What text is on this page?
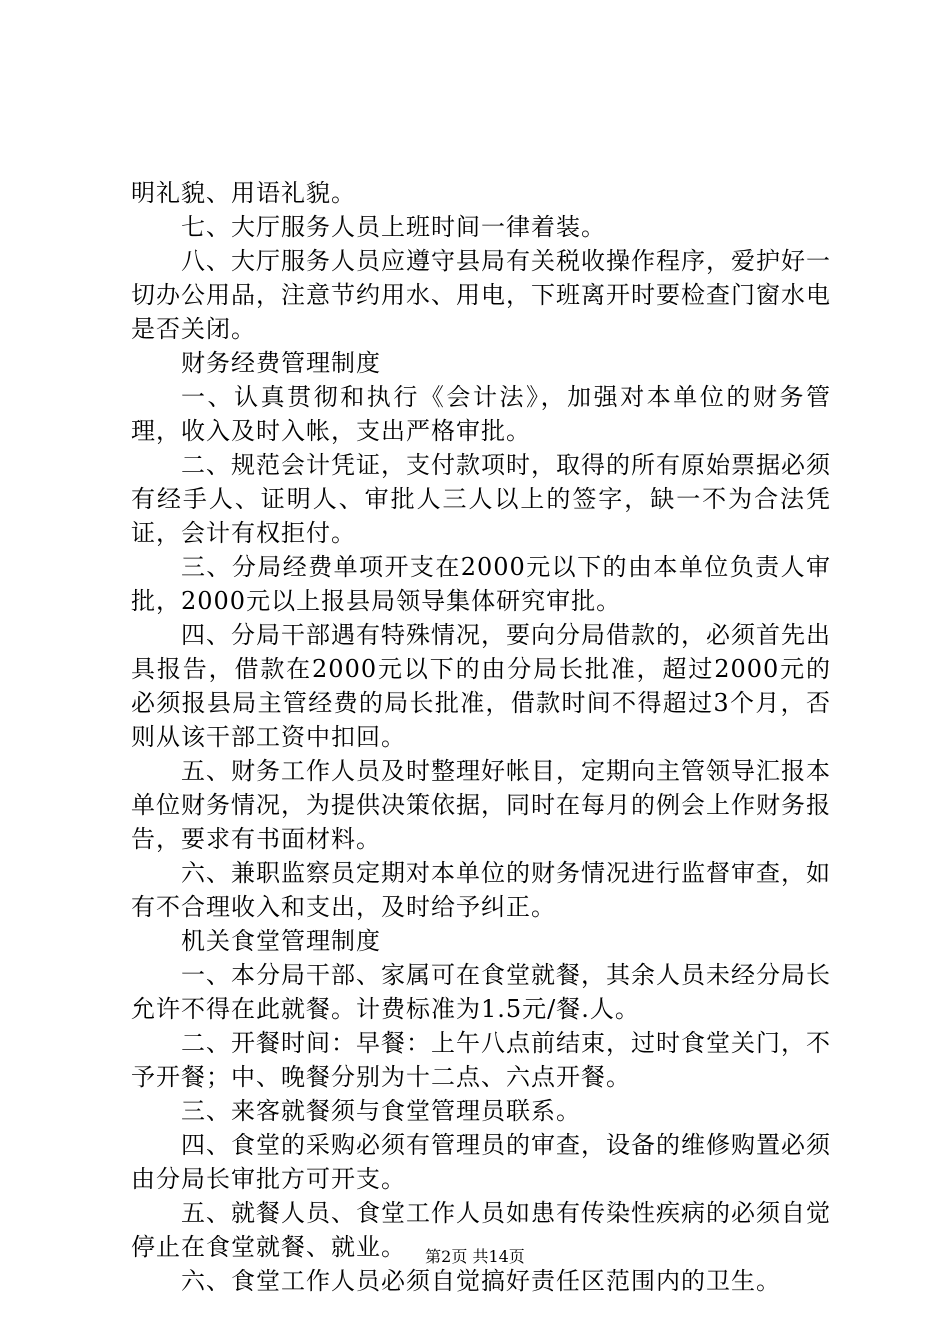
明礼貌、用语礼貌。

七、大厅服务人员上班时间一律着装。

八、大厅服务人员应遵守县局有关税收操作程序，爱护好一切办公用品，注意节约用水、用电，下班离开时要检查门窗水电是否关闭。

财务经费管理制度

一、认真贯彻和执行《会计法》，加强对本单位的财务管理，收入及时入帐，支出严格审批。

二、规范会计凭证，支付款项时，取得的所有原始票据必须有经手人、证明人、审批人三人以上的签字，缺一不为合法凭证，会计有权拒付。

三、分局经费单项开支在2000元以下的由本单位负责人审批，2000元以上报县局领导集体研究审批。

四、分局干部遇有特殊情况，要向分局借款的，必须首先出具报告，借款在2000元以下的由分局长批准，超过2000元的必须报县局主管经费的局长批准，借款时间不得超过3个月，否则从该干部工资中扣回。

五、财务工作人员及时整理好帐目，定期向主管领导汇报本单位财务情况，为提供决策依据，同时在每月的例会上作财务报告，要求有书面材料。

六、兼职监察员定期对本单位的财务情况进行监督审查，如有不合理收入和支出，及时给予纠正。

机关食堂管理制度

一、本分局干部、家属可在食堂就餐，其余人员未经分局长允许不得在此就餐。计费标准为1.5元/餐.人。

二、开餐时间：早餐：上午八点前结束，过时食堂关门，不予开餐；中、晚餐分别为十二点、六点开餐。

三、来客就餐须与食堂管理员联系。

四、食堂的采购必须有管理员的审查，设备的维修购置必须由分局长审批方可开支。

五、就餐人员、食堂工作人员如患有传染性疾病的必须自觉停止在食堂就餐、就业。

六、食堂工作人员必须自觉搞好责任区范围内的卫生。

第2页 共14页
